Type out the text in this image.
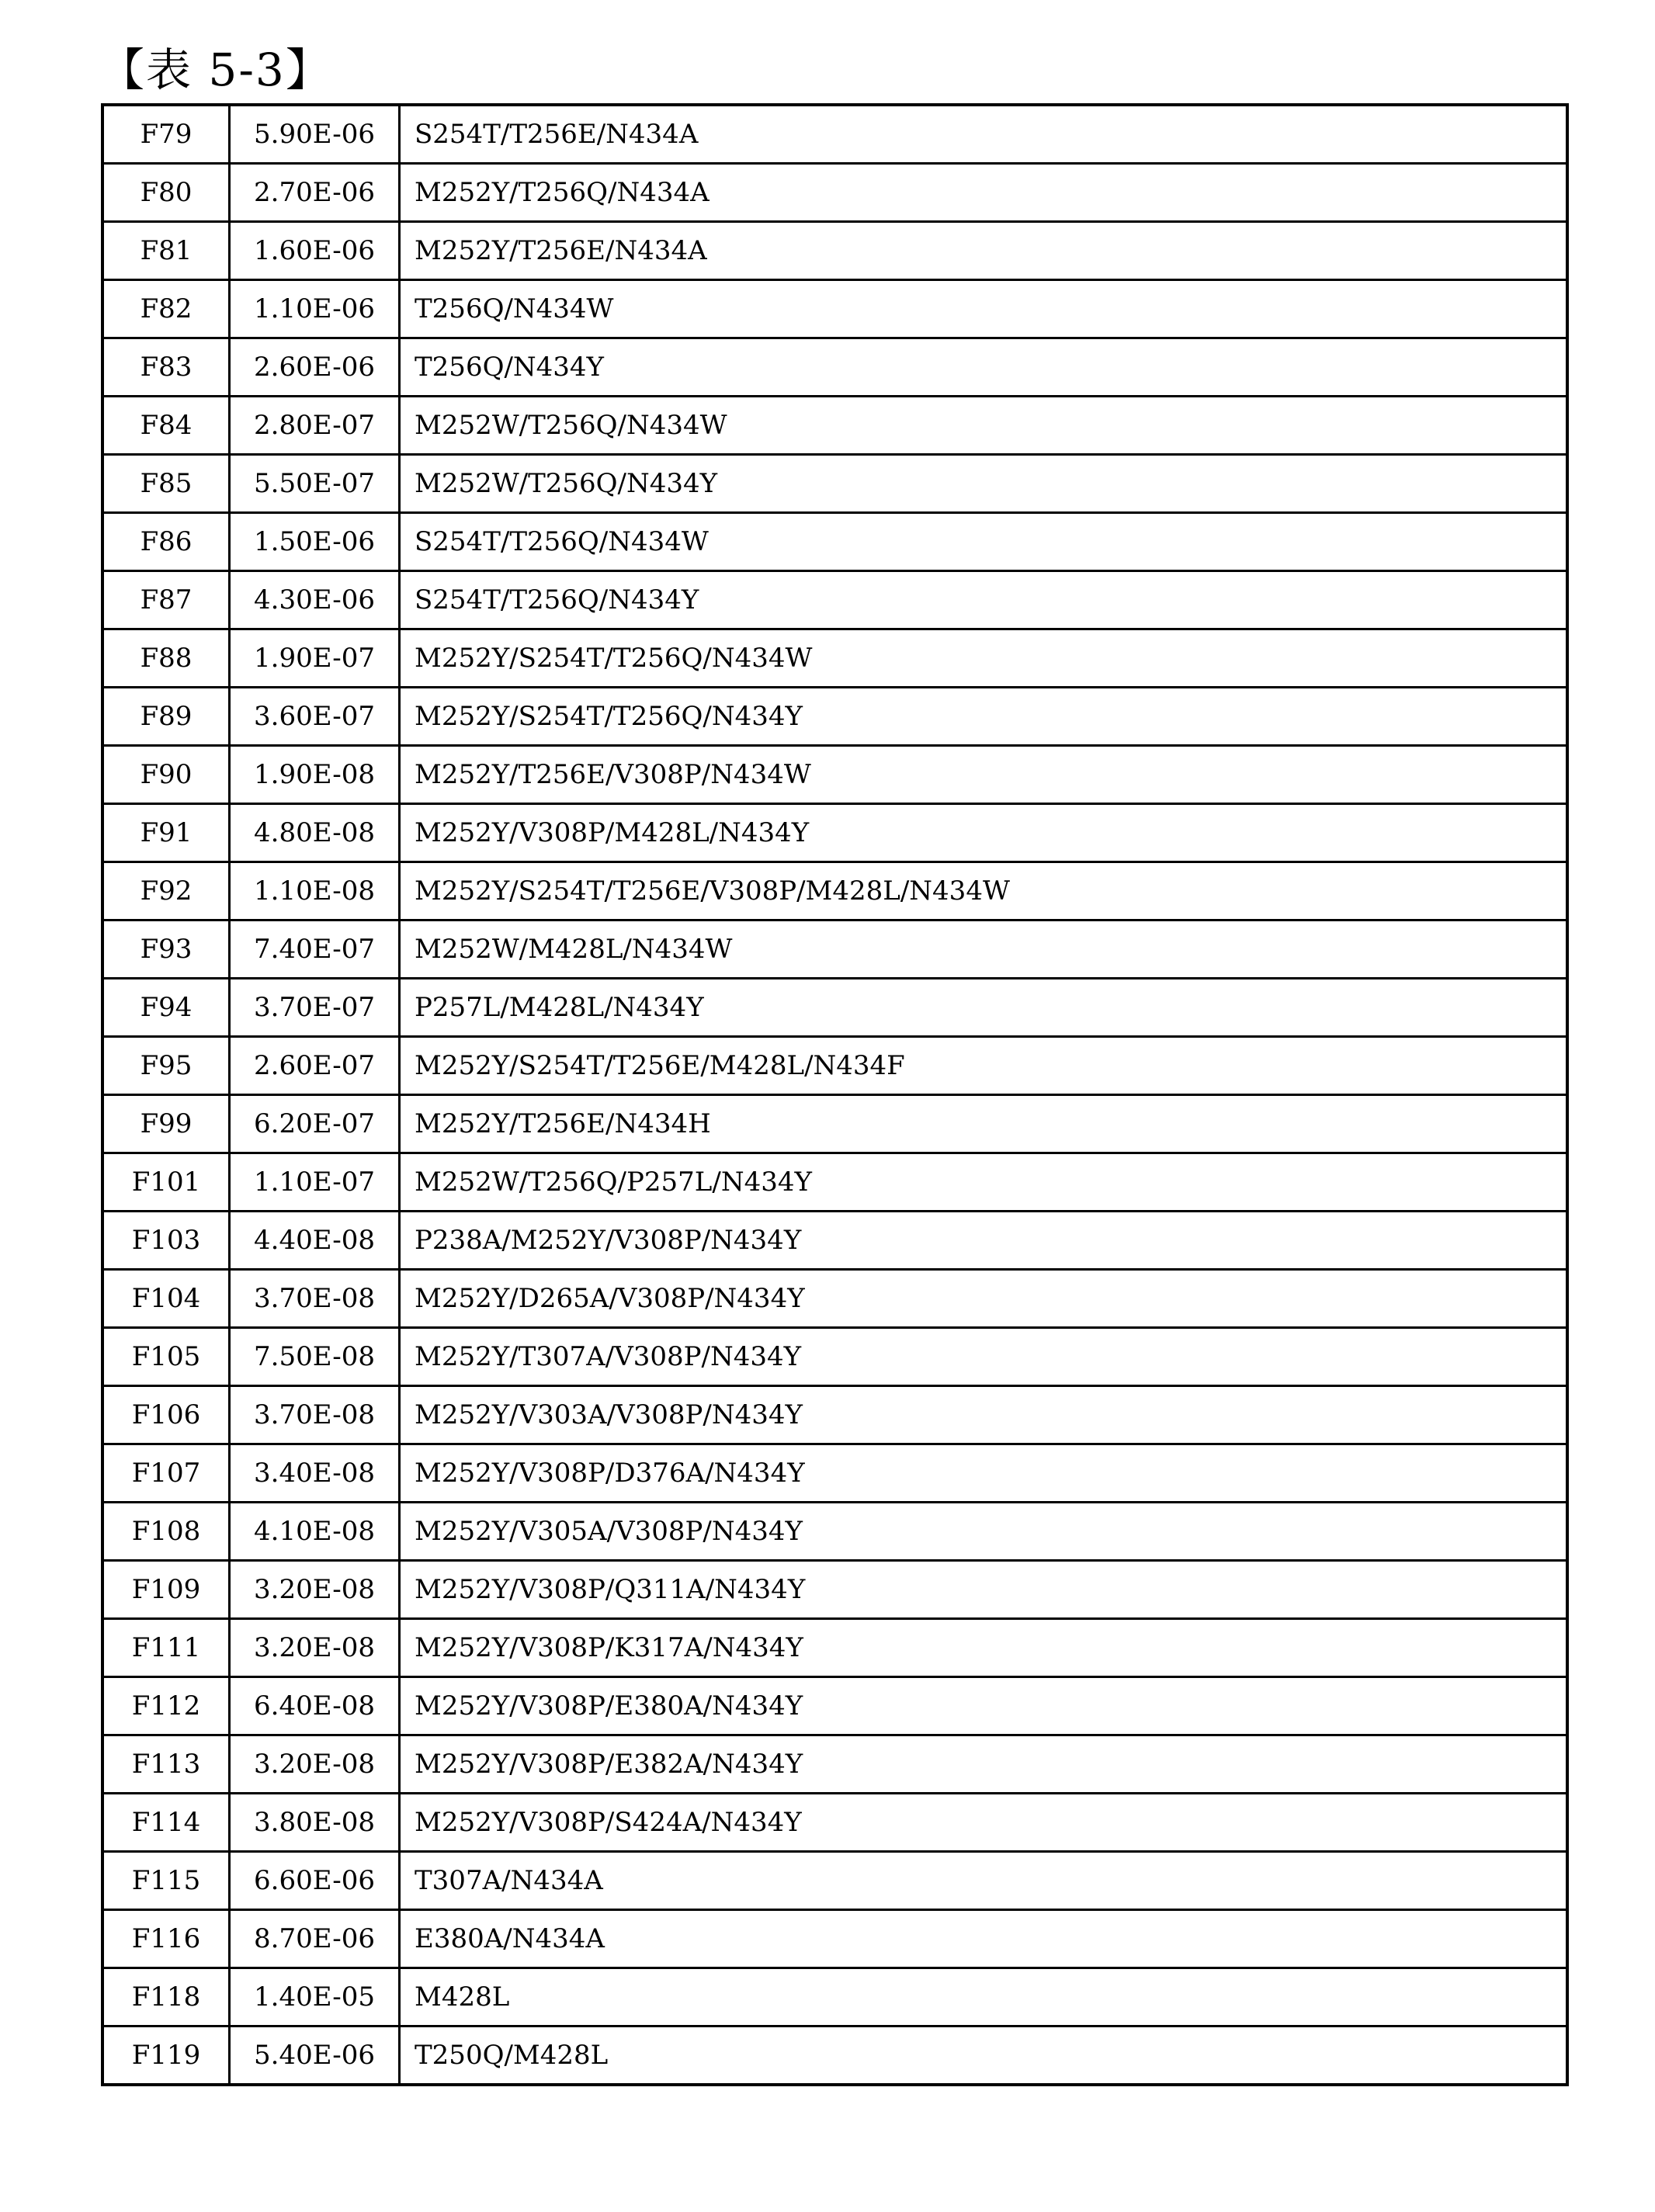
【表 5-3】
F79	5.90E-06	S254T/T256E/N434A
F80	2.70E-06	M252Y/T256Q/N434A
F81	1.60E-06	M252Y/T256E/N434A
F82	1.10E-06	T256Q/N434W
F83	2.60E-06	T256Q/N434Y
F84	2.80E-07	M252W/T256Q/N434W
F85	5.50E-07	M252W/T256Q/N434Y
F86	1.50E-06	S254T/T256Q/N434W
F87	4.30E-06	S254T/T256Q/N434Y
F88	1.90E-07	M252Y/S254T/T256Q/N434W
F89	3.60E-07	M252Y/S254T/T256Q/N434Y
F90	1.90E-08	M252Y/T256E/V308P/N434W
F91	4.80E-08	M252Y/V308P/M428L/N434Y
F92	1.10E-08	M252Y/S254T/T256E/V308P/M428L/N434W
F93	7.40E-07	M252W/M428L/N434W
F94	3.70E-07	P257L/M428L/N434Y
F95	2.60E-07	M252Y/S254T/T256E/M428L/N434F
F99	6.20E-07	M252Y/T256E/N434H
F101	1.10E-07	M252W/T256Q/P257L/N434Y
F103	4.40E-08	P238A/M252Y/V308P/N434Y
F104	3.70E-08	M252Y/D265A/V308P/N434Y
F105	7.50E-08	M252Y/T307A/V308P/N434Y
F106	3.70E-08	M252Y/V303A/V308P/N434Y
F107	3.40E-08	M252Y/V308P/D376A/N434Y
F108	4.10E-08	M252Y/V305A/V308P/N434Y
F109	3.20E-08	M252Y/V308P/Q311A/N434Y
F111	3.20E-08	M252Y/V308P/K317A/N434Y
F112	6.40E-08	M252Y/V308P/E380A/N434Y
F113	3.20E-08	M252Y/V308P/E382A/N434Y
F114	3.80E-08	M252Y/V308P/S424A/N434Y
F115	6.60E-06	T307A/N434A
F116	8.70E-06	E380A/N434A
F118	1.40E-05	M428L
F119	5.40E-06	T250Q/M428L
